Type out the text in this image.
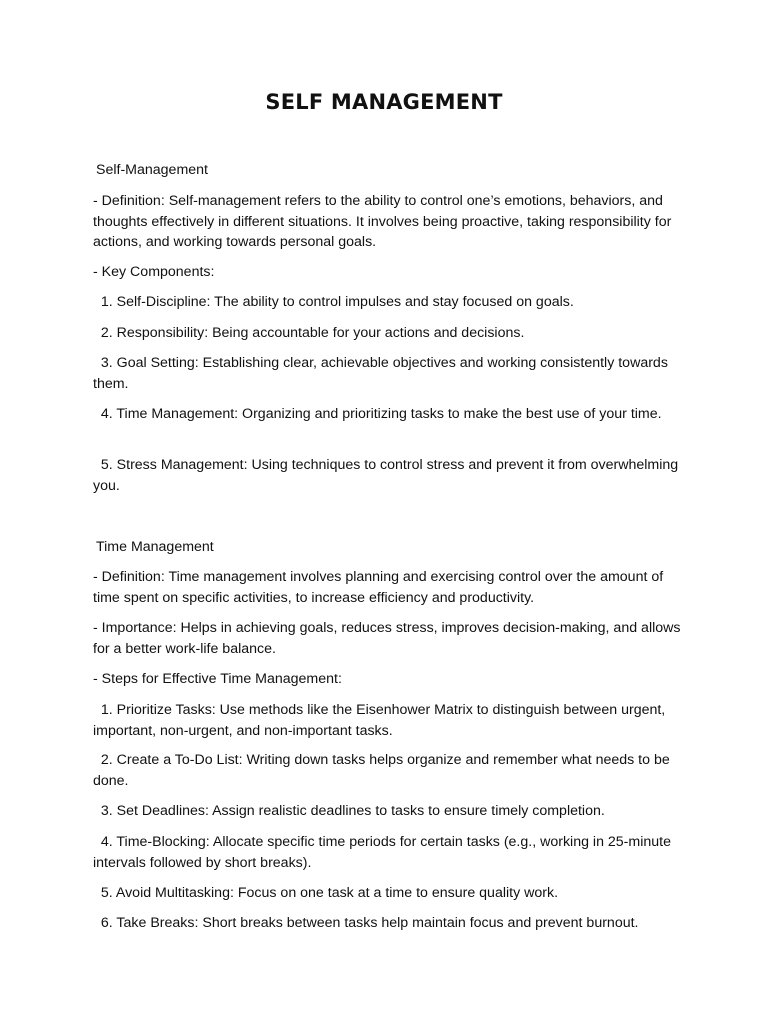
SELF MANAGEMENT

Self-Management

- Definition: Self-management refers to the ability to control one’s emotions, behaviors, and thoughts effectively in different situations. It involves being proactive, taking responsibility for actions, and working towards personal goals.

- Key Components:

1. Self-Discipline: The ability to control impulses and stay focused on goals.

2. Responsibility: Being accountable for your actions and decisions.

3. Goal Setting: Establishing clear, achievable objectives and working consistently towards them.

4. Time Management: Organizing and prioritizing tasks to make the best use of your time.

5. Stress Management: Using techniques to control stress and prevent it from overwhelming you.

Time Management

- Definition: Time management involves planning and exercising control over the amount of time spent on specific activities, to increase efficiency and productivity.

- Importance: Helps in achieving goals, reduces stress, improves decision-making, and allows for a better work-life balance.

- Steps for Effective Time Management:

1. Prioritize Tasks: Use methods like the Eisenhower Matrix to distinguish between urgent, important, non-urgent, and non-important tasks.

2. Create a To-Do List: Writing down tasks helps organize and remember what needs to be done.

3. Set Deadlines: Assign realistic deadlines to tasks to ensure timely completion.

4. Time-Blocking: Allocate specific time periods for certain tasks (e.g., working in 25-minute intervals followed by short breaks).

5. Avoid Multitasking: Focus on one task at a time to ensure quality work.

6. Take Breaks: Short breaks between tasks help maintain focus and prevent burnout.
